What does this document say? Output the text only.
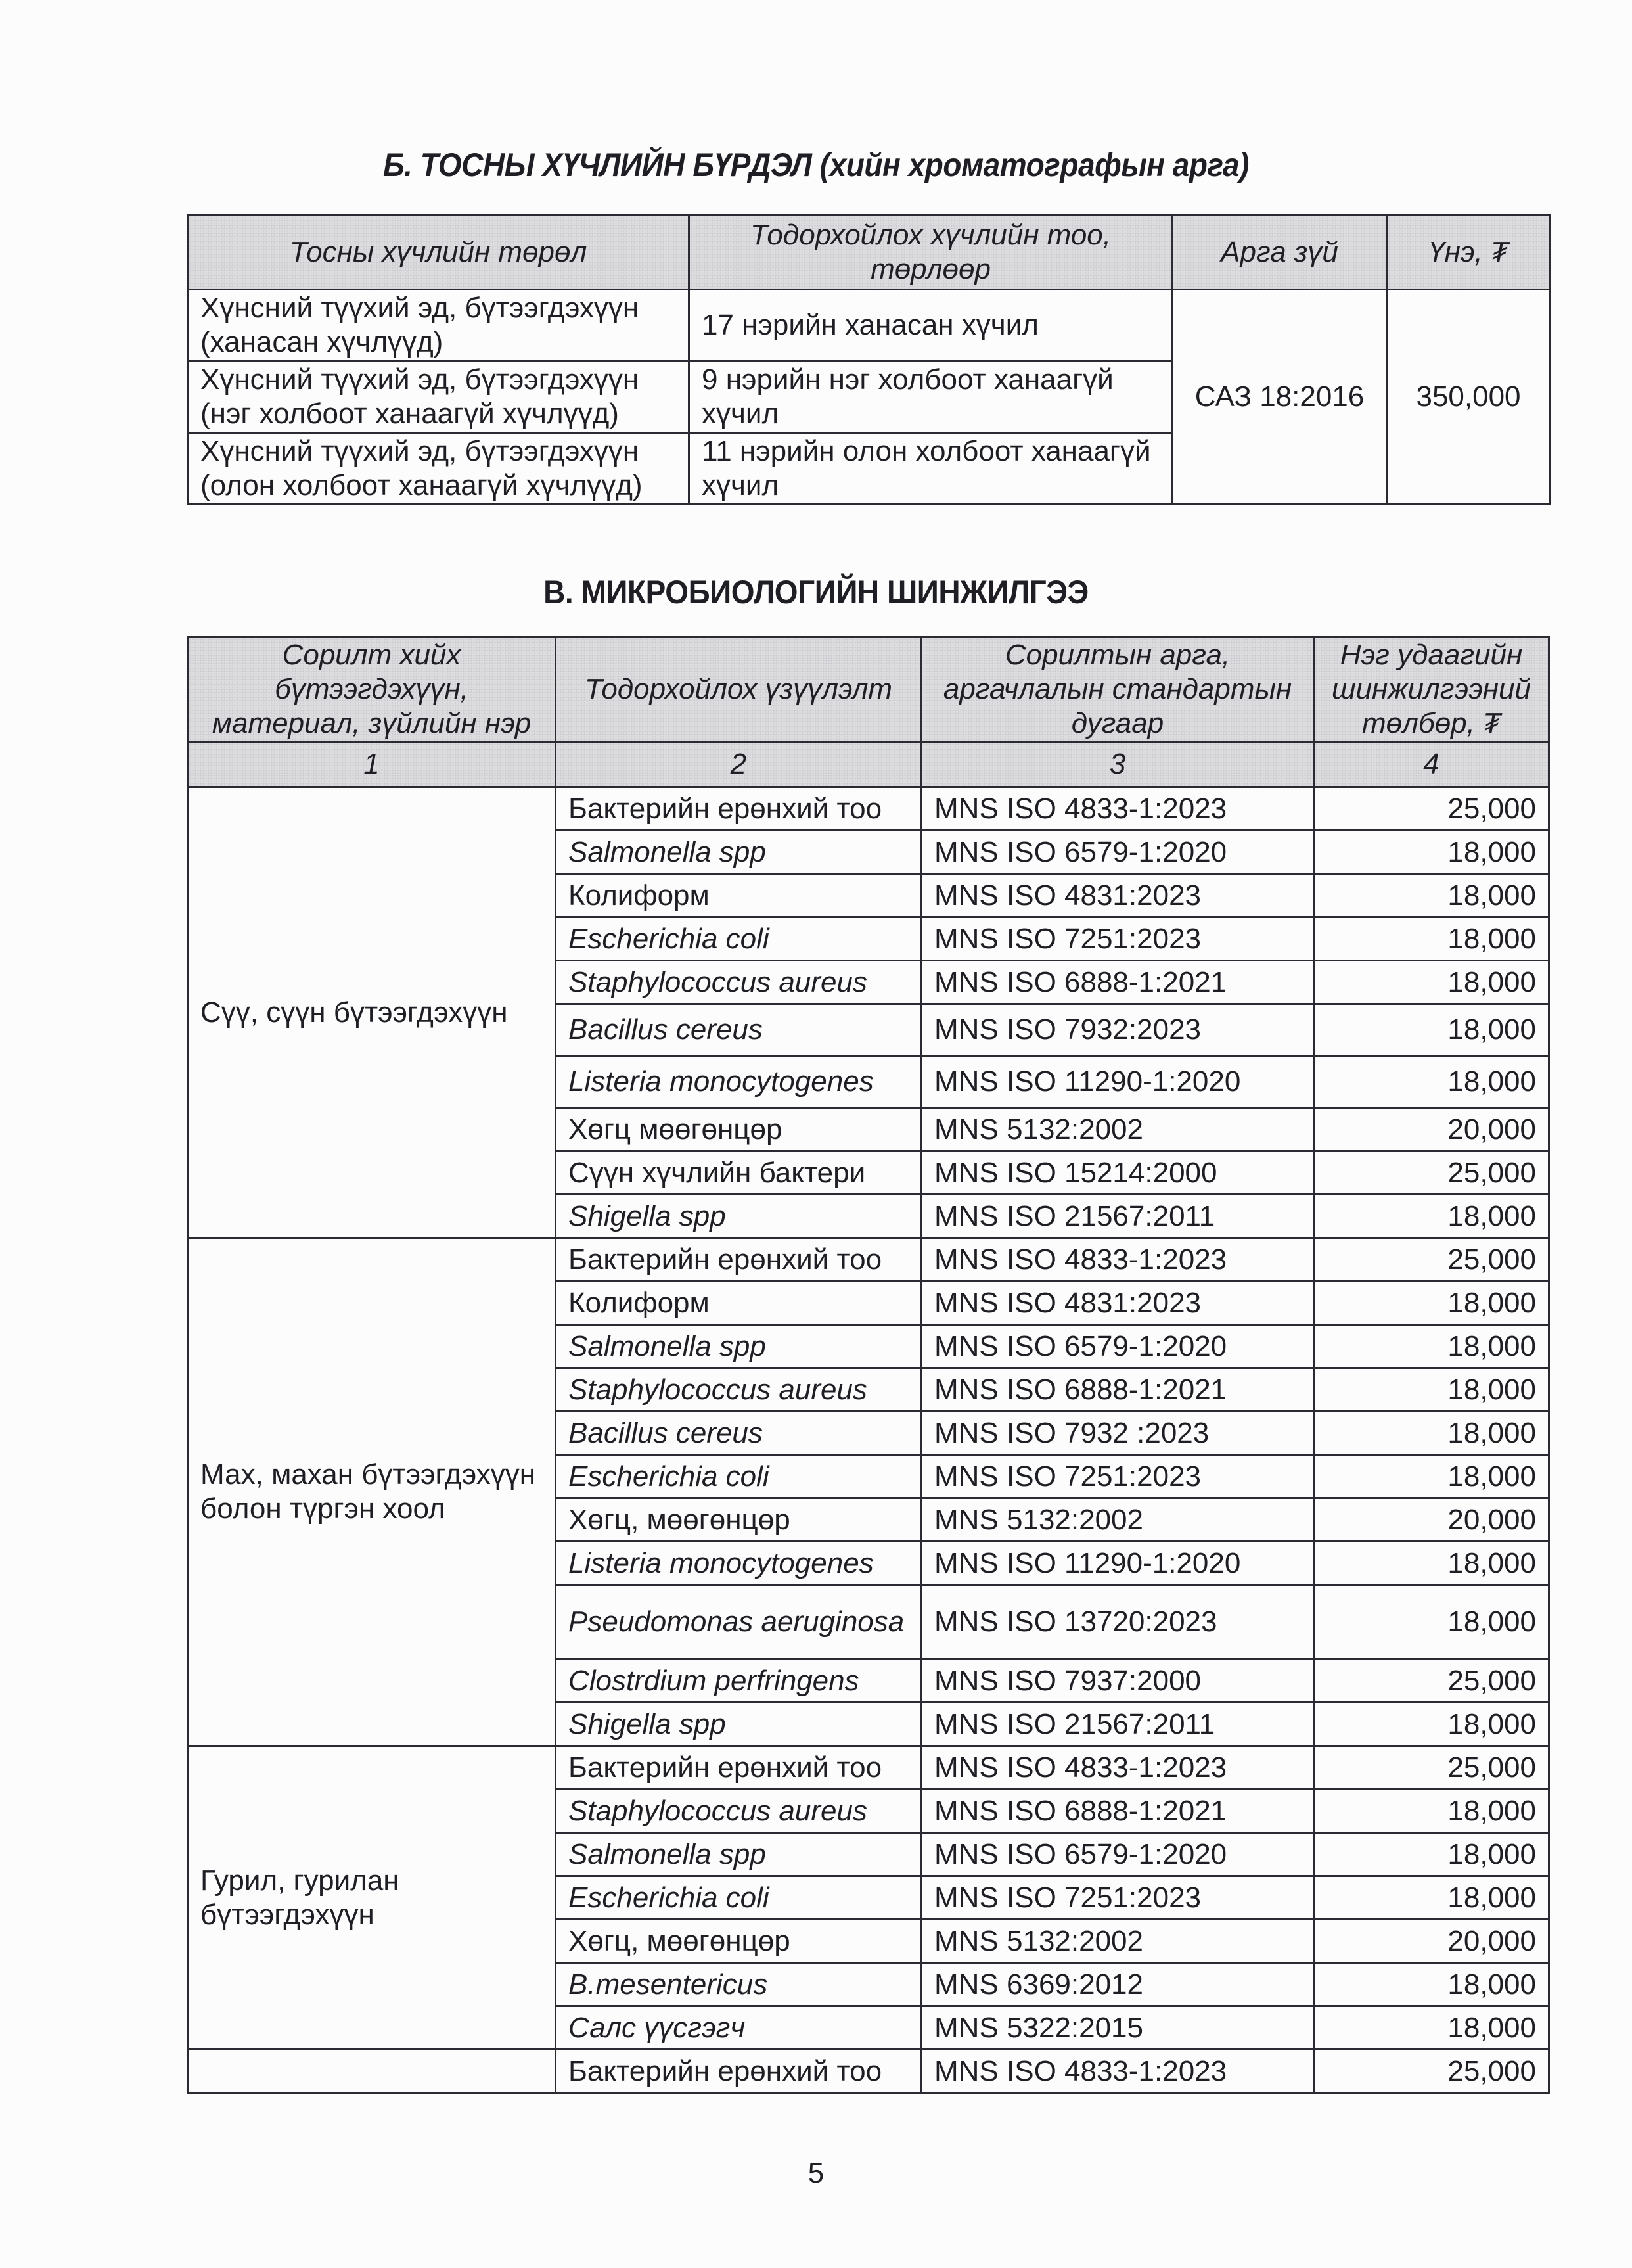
Б. ТОСНЫ ХҮЧЛИЙН БҮРДЭЛ (хийн хроматографын арга)
Тосны хүчлийн төрөл	Тодорхойлох хүчлийн тоо, төрлөөр	Арга зүй	Үнэ, ₮
Хүнсний түүхий эд, бүтээгдэхүүн (ханасан хүчлүүд)	17 нэрийн ханасан хүчил	САЗ 18:2016	350,000
Хүнсний түүхий эд, бүтээгдэхүүн (нэг холбоот ханаагүй хүчлүүд)	9 нэрийн нэг холбоот ханаагүй хүчил		
Хүнсний түүхий эд, бүтээгдэхүүн (олон холбоот ханаагүй хүчлүүд)	11 нэрийн олон холбоот ханаагүй хүчил		
В. МИКРОБИОЛОГИЙН ШИНЖИЛГЭЭ
Сорилт хийх бүтээгдэхүүн, материал, зүйлийн нэр	Тодорхойлох үзүүлэлт	Сорилтын арга, аргачлалын стандартын дугаар	Нэг удаагийн шинжилгээний төлбөр, ₮
1	2	3	4
Сүү, сүүн бүтээгдэхүүн	Бактерийн ерөнхий тоо	MNS ISO 4833-1:2023	25,000
	Salmonella spp	MNS ISO 6579-1:2020	18,000
	Колиформ	MNS ISO 4831:2023	18,000
	Escherichia coli	MNS ISO 7251:2023	18,000
	Staphylococcus aureus	MNS ISO 6888-1:2021	18,000
	Bacillus cereus	MNS ISO 7932:2023	18,000
	Listeria monocytogenes	MNS ISO 11290-1:2020	18,000
	Хөгц мөөгөнцөр	MNS 5132:2002	20,000
	Сүүн хүчлийн бактери	MNS ISO 15214:2000	25,000
	Shigella spp	MNS ISO 21567:2011	18,000
Мах, махан бүтээгдэхүүн болон түргэн хоол	Бактерийн ерөнхий тоо	MNS ISO 4833-1:2023	25,000
	Колиформ	MNS ISO 4831:2023	18,000
	Salmonella spp	MNS ISO 6579-1:2020	18,000
	Staphylococcus aureus	MNS ISO 6888-1:2021	18,000
	Bacillus cereus	MNS ISO 7932 :2023	18,000
	Escherichia coli	MNS ISO 7251:2023	18,000
	Хөгц, мөөгөнцөр	MNS 5132:2002	20,000
	Listeria monocytogenes	MNS ISO 11290-1:2020	18,000
	Pseudomonas aeruginosa	MNS ISO 13720:2023	18,000
	Clostrdium perfringens	MNS ISO 7937:2000	25,000
	Shigella spp	MNS ISO 21567:2011	18,000
Гурил, гурилан бүтээгдэхүүн	Бактерийн ерөнхий тоо	MNS ISO 4833-1:2023	25,000
	Staphylococcus aureus	MNS ISO 6888-1:2021	18,000
	Salmonella spp	MNS ISO 6579-1:2020	18,000
	Escherichia coli	MNS ISO 7251:2023	18,000
	Хөгц, мөөгөнцөр	MNS 5132:2002	20,000
	B.mesentericus	MNS 6369:2012	18,000
	Салс үүсгэгч	MNS 5322:2015	18,000
	Бактерийн ерөнхий тоо	MNS ISO 4833-1:2023	25,000
5
